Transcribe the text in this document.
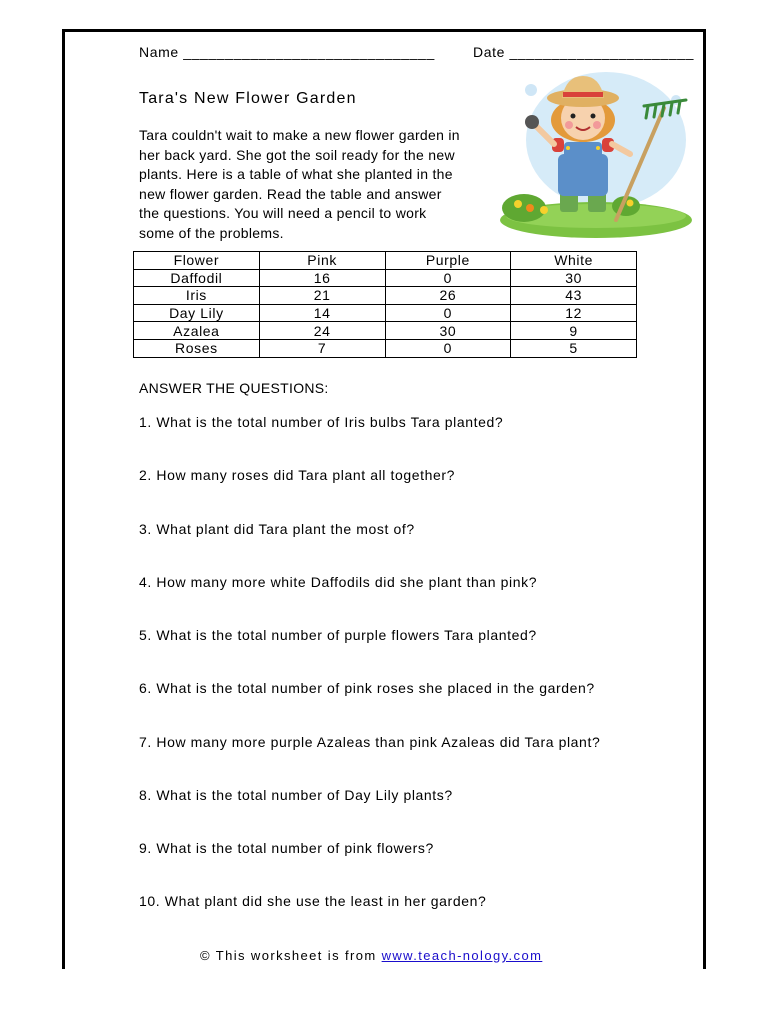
Name ______________________________	Date ______________________
Tara's New Flower Garden
Tara couldn't wait to make a new flower garden in
her back yard. She got the soil ready for the new
plants. Here is a table of what she planted in the
new flower garden. Read the table and answer
the questions. You will need a pencil to work
some of the problems.
Flower	Pink	Purple	White
Daffodil	16	0	30
Iris	21	26	43
Day Lily	14	0	12
Azalea	24	30	9
Roses	7	0	5
ANSWER THE QUESTIONS:
1. What is the total number of Iris bulbs Tara planted?
2. How many roses did Tara plant all together?
3. What plant did Tara plant the most of?
4. How many more white Daffodils did she plant than pink?
5. What is the total number of purple flowers Tara planted?
6. What is the total number of pink roses she placed in the garden?
7. How many more purple Azaleas than pink Azaleas did Tara plant?
8. What is the total number of Day Lily plants?
9. What is the total number of pink flowers?
10. What plant did she use the least in her garden?
© This worksheet is from www.teach-nology.com
